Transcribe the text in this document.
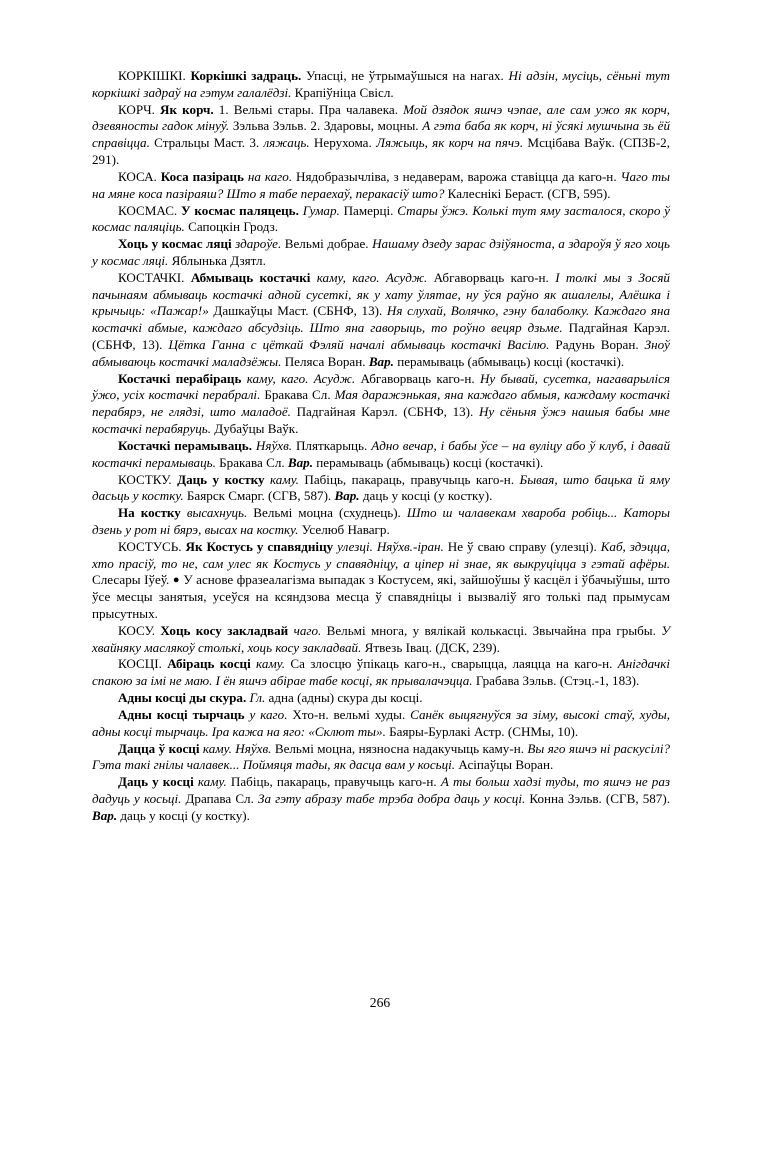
КОРКІШКІ. Коркішкі задраць. Упасці, не ўтрымаўшыся на нагах. Ні адзін, мусіць, сёньні тут коркішкі задраў на гэтум галалёдзі. Крапіўніца Свісл.

КОРЧ. Як корч. 1. Вельмі стары. Пра чалавека. Мой дзядок яшчэ чэпае, але сам ужо як корч, дзевяносты гадок мінуў. Зэльва Зэльв. 2. Здаровы, моцны. А гэта баба як корч, ні ўсякі мушчына зь ёй справіцца. Стральцы Маст. 3. ляжаць. Нерухома. Ляжыць, як корч на пячэ. Мсцібава Ваўк. (СПЗБ-2, 291).

КОСА. Коса пазіраць на каго. Нядобразычліва, з недаверам, варожа ставіцца да каго-н. Чаго ты на мяне коса пазіраяш? Што я табе пераехаў, перакасіў што? Калеснікі Бераст. (СГВ, 595).

КОСМАС. У космас паляцець. Гумар. Памерці. Стары ўжэ. Колькі тут яму засталося, скоро ў космас паляціць. Сапоцкін Гродз.

Хоць у космас ляці здароўе. Вельмі добрае. Нашаму дзеду зарас дзіўяноста, а здароўя ў яго хоць у космас ляці. Яблынька Дзятл.

КОСТАЧКІ. Абмываць костачкі каму, каго. Асудж. Абгаворваць каго-н. І толкі мы з Зосяй пачынаям абмываць костачкі адной сусеткі, як у хату ўлятае, ну ўся раўно як ашалелы, Алёшка і крычыць: «Пажар!» Дашкаўцы Маст. (СБНФ, 13). Ня слухай, Волячко, гэну балаболку. Каждаго яна костачкі абмые, каждаго абсудзіць. Што яна гаворыць, то роўно вецяр дзьме. Падгайная Карэл. (СБНФ, 13). Цётка Ганна с цёткай Фэляй началі абмываць костачкі Васілю. Радунь Воран. Зноў абмываюць костачкі маладзёжы. Пеляса Воран. Вар. перамываць (абмываць) косці (костачкі).

Костачкі перабіраць каму, каго. Асудж. Абгаворваць каго-н. Ну бывай, сусетка, нагаварыліся ўжо, усіх костачкі перабралі. Бракава Сл. Мая даражэнькая, яна каждаго абмыя, каждаму костачкі перабярэ, не глядзі, што маладоё. Падгайная Карэл. (СБНФ, 13). Ну сёньня ўжэ нашыя бабы мне костачкі перабяруць. Дубаўцы Ваўк.

Костачкі перамываць. Няўхв. Пляткарыць. Адно вечар, і бабы ўсе – на вуліцу або ў клуб, і давай костачкі перамываць. Бракава Сл. Вар. перамываць (абмываць) косці (костачкі).

КОСТКУ. Даць у костку каму. Пабіць, пакараць, правучыць каго-н. Бывая, што бацька й яму дасьць у костку. Баярск Смарг. (СГВ, 587). Вар. даць у косці (у костку).

На костку высахнуць. Вельмі моцна (схуднець). Што ш чалавекам хвароба робіць... Каторы дзень у рот ні бярэ, высах на костку. Уселюб Навагр.

КОСТУСЬ. Як Костусь у спавядніцу улезці. Няўхв.-іран. Не ў сваю справу (улезці). Каб, здэцца, хто прасіў, то не, сам улес як Костусь у спавядніцу, а ціпер ні знае, як выкруціцца з гэтай афёры. Слесары Іўеў. ● У аснове фразеалагізма выпадак з Костусем, які, зайшоўшы ў касцёл і ўбачыўшы, што ўсе месцы занятыя, усеўся на ксяндзова месца ў спавядніцы і вызваліў яго толькі пад прымусам прысутных.

КОСУ. Хоць косу закладвай чаго. Вельмі многа, у вялікай колькасці. Звычайна пра грыбы. У хвайняку маслякоў столькі, хоць косу закладвай. Ятвезь Івац. (ДСК, 239).

КОСЦІ. Абіраць косці каму. Са злосцю ўпікаць каго-н., сварыцца, лаяцца на каго-н. Анігдачкі спакою за імі не маю. І ён яшчэ абірае табе косці, як прывалачэцца. Грабава Зэльв. (Стэц.-1, 183).

Адны косці ды скура. Гл. адна (адны) скура ды косці.

Адны косці тырчаць у каго. Хто-н. вельмі худы. Санёк выцягнуўся за зіму, высокі стаў, худы, адны косці тырчаць. Іра кажа на яго: «Склют ты». Баяры-Бурлакі Астр. (СНМы, 10).

Дацца ў косці каму. Няўхв. Вельмі моцна, нязносна надакучыць каму-н. Вы яго яшчэ ні раскусілі? Гэта такі гнілы чалавек... Поймяця тады, як дасца вам у косьці. Асіпаўцы Воран.

Даць у косці каму. Пабіць, пакараць, правучыць каго-н. А ты больш хадзі туды, то яшчэ не раз дадуць у косьці. Драпава Сл. За гэту абразу табе трэба добра даць у косці. Конна Зэльв. (СГВ, 587). Вар. даць у косці (у костку).

266
